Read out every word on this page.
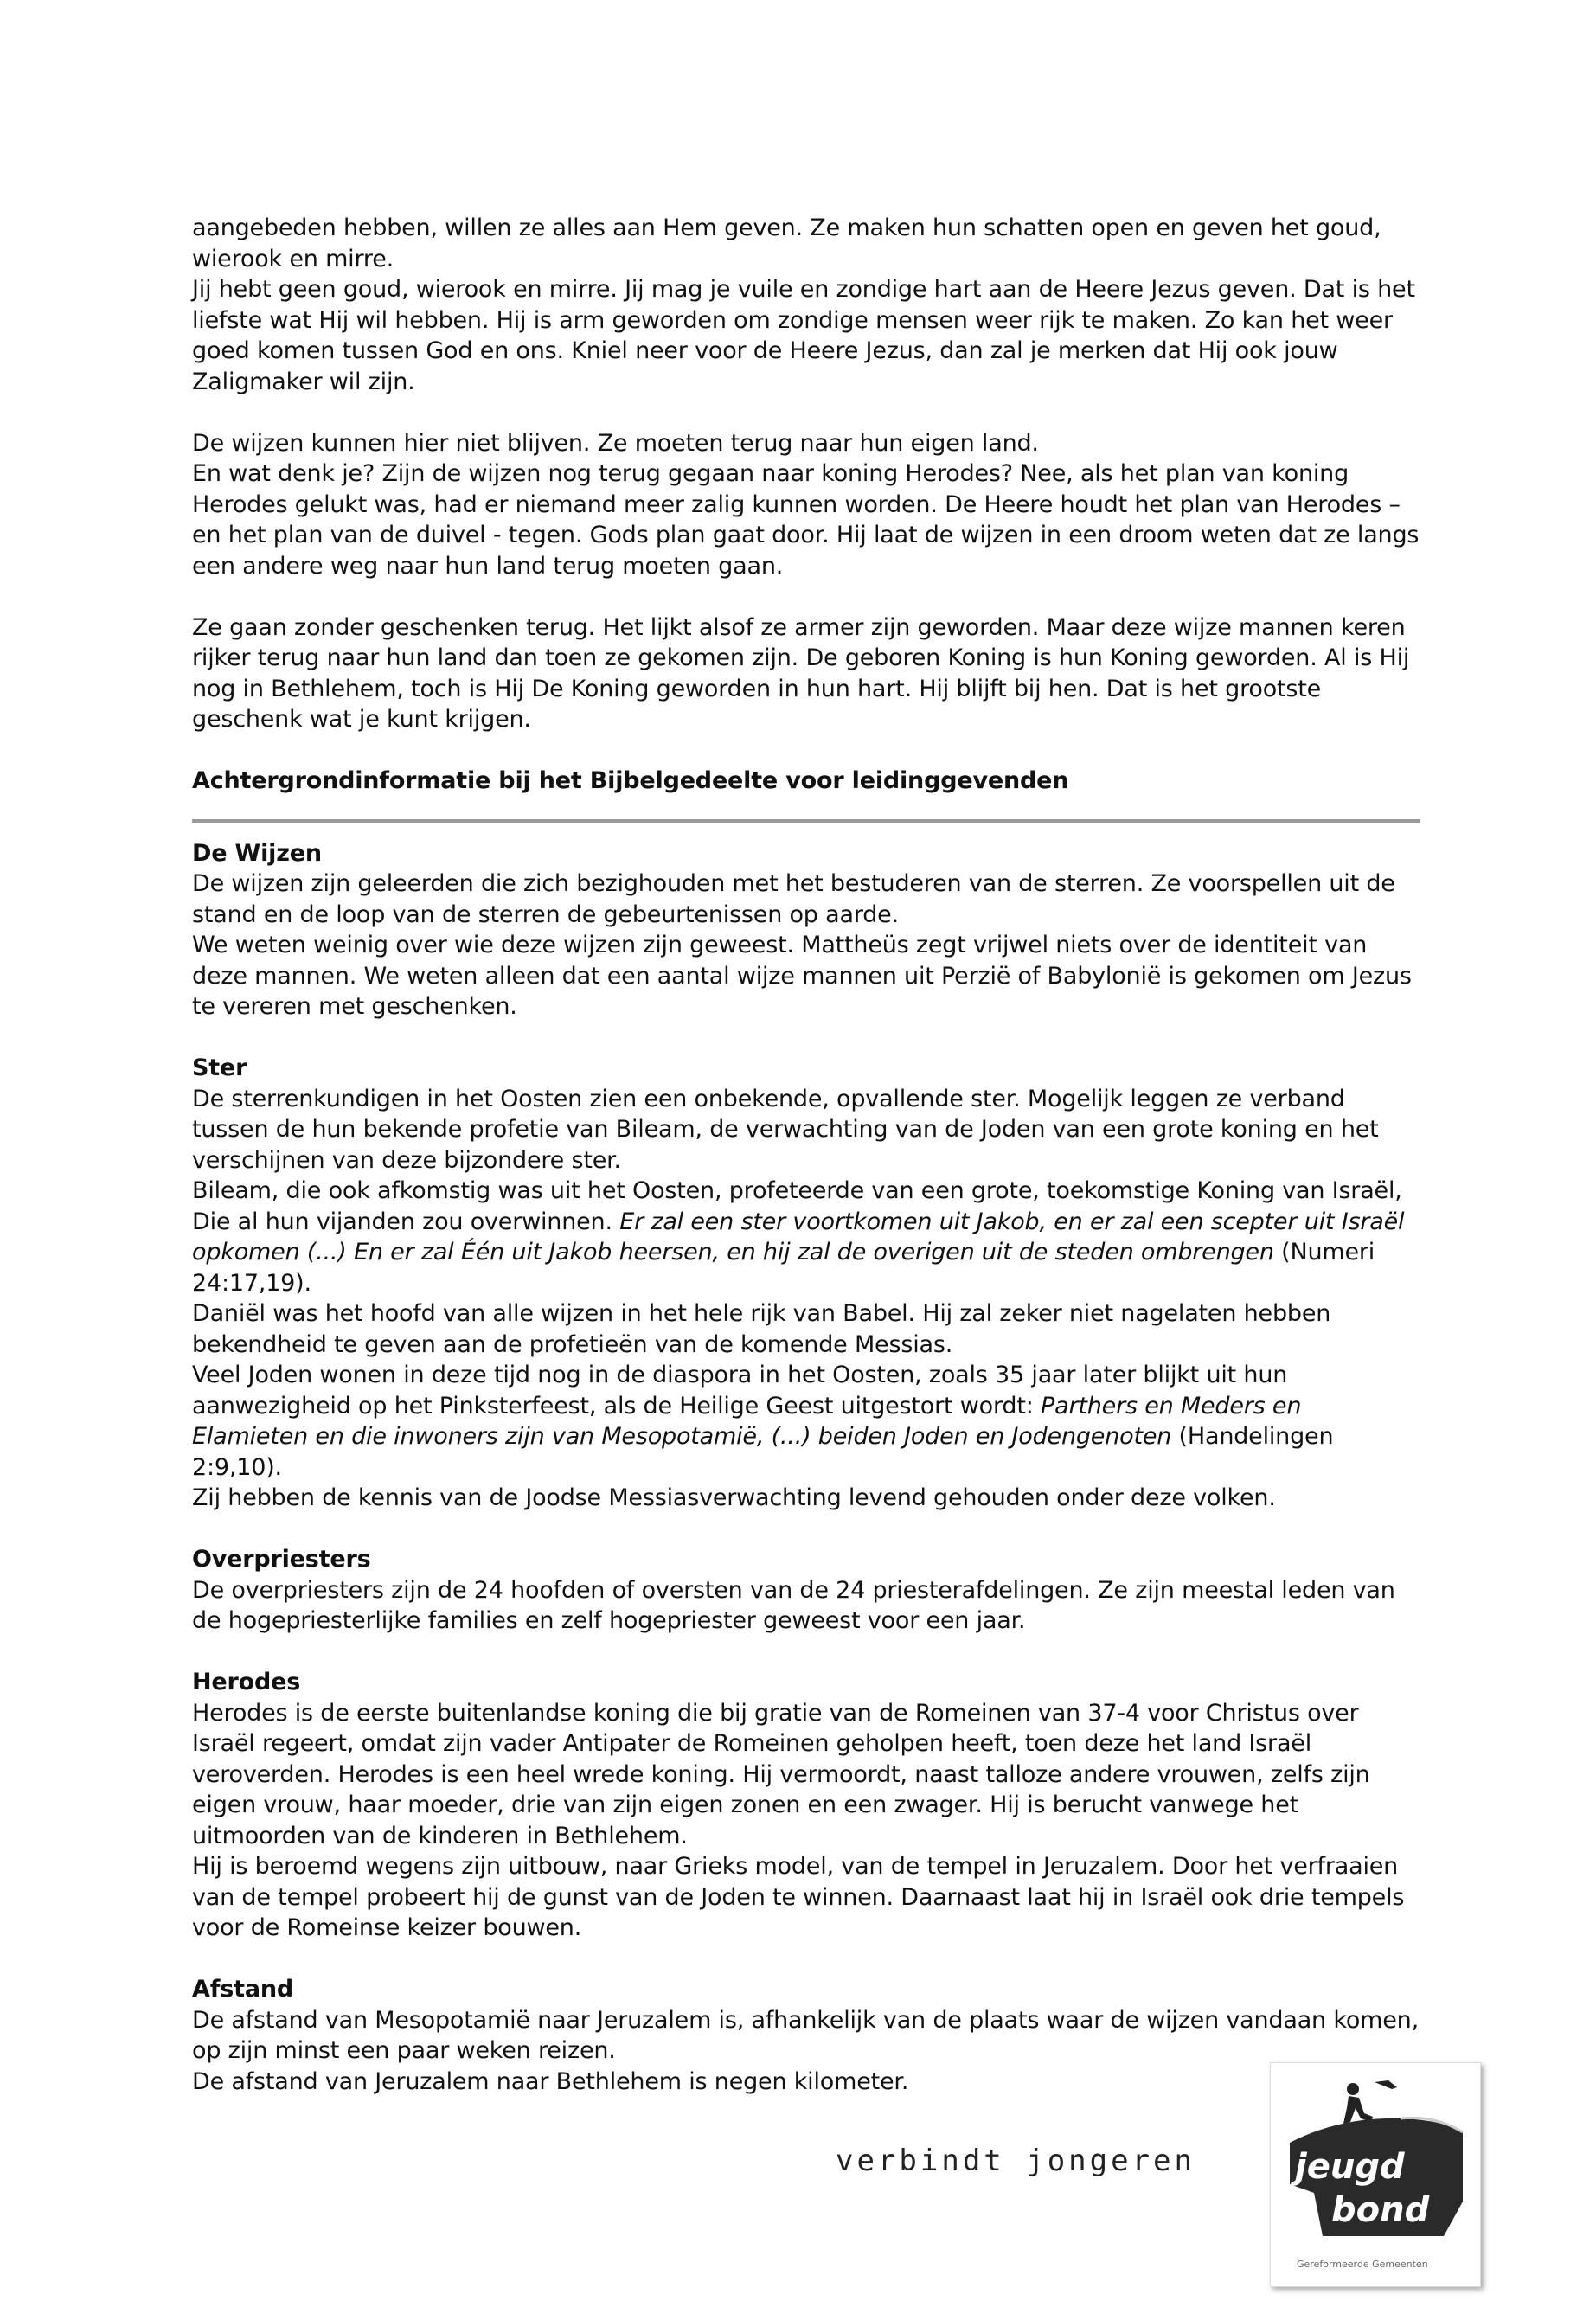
aangebeden hebben, willen ze alles aan Hem geven. Ze maken hun schatten open en geven het goud, wierook en mirre.

Jij hebt geen goud, wierook en mirre. Jij mag je vuile en zondige hart aan de Heere Jezus geven. Dat is het liefste wat Hij wil hebben. Hij is arm geworden om zondige mensen weer rijk te maken. Zo kan het weer goed komen tussen God en ons. Kniel neer voor de Heere Jezus, dan zal je merken dat Hij ook jouw Zaligmaker wil zijn.

De wijzen kunnen hier niet blijven. Ze moeten terug naar hun eigen land.

En wat denk je? Zijn de wijzen nog terug gegaan naar koning Herodes? Nee, als het plan van koning Herodes gelukt was, had er niemand meer zalig kunnen worden. De Heere houdt het plan van Herodes – en het plan van de duivel - tegen. Gods plan gaat door. Hij laat de wijzen in een droom weten dat ze langs een andere weg naar hun land terug moeten gaan.

Ze gaan zonder geschenken terug. Het lijkt alsof ze armer zijn geworden. Maar deze wijze mannen keren rijker terug naar hun land dan toen ze gekomen zijn. De geboren Koning is hun Koning geworden. Al is Hij nog in Bethlehem, toch is Hij De Koning geworden in hun hart. Hij blijft bij hen. Dat is het grootste geschenk wat je kunt krijgen.

Achtergrondinformatie bij het Bijbelgedeelte voor leidinggevenden

De Wijzen

De wijzen zijn geleerden die zich bezighouden met het bestuderen van de sterren. Ze voorspellen uit de stand en de loop van de sterren de gebeurtenissen op aarde.

We weten weinig over wie deze wijzen zijn geweest. Mattheüs zegt vrijwel niets over de identiteit van deze mannen. We weten alleen dat een aantal wijze mannen uit Perzië of Babylonië is gekomen om Jezus te vereren met geschenken.

Ster

De sterrenkundigen in het Oosten zien een onbekende, opvallende ster. Mogelijk leggen ze verband tussen de hun bekende profetie van Bileam, de verwachting van de Joden van een grote koning en het verschijnen van deze bijzondere ster.

Bileam, die ook afkomstig was uit het Oosten, profeteerde van een grote, toekomstige Koning van Israël, Die al hun vijanden zou overwinnen. Er zal een ster voortkomen uit Jakob, en er zal een scepter uit Israël opkomen (...) En er zal Één uit Jakob heersen, en hij zal de overigen uit de steden ombrengen (Numeri 24:17,19).

Daniël was het hoofd van alle wijzen in het hele rijk van Babel. Hij zal zeker niet nagelaten hebben bekendheid te geven aan de profetieën van de komende Messias.

Veel Joden wonen in deze tijd nog in de diaspora in het Oosten, zoals 35 jaar later blijkt uit hun aanwezigheid op het Pinksterfeest, als de Heilige Geest uitgestort wordt: Parthers en Meders en Elamieten en die inwoners zijn van Mesopotamië, (...) beiden Joden en Jodengenoten (Handelingen 2:9,10).

Zij hebben de kennis van de Joodse Messiasverwachting levend gehouden onder deze volken.

Overpriesters

De overpriesters zijn de 24 hoofden of oversten van de 24 priesterafdelingen. Ze zijn meestal leden van de hogepriesterlijke families en zelf hogepriester geweest voor een jaar.

Herodes

Herodes is de eerste buitenlandse koning die bij gratie van de Romeinen van 37-4 voor Christus over Israël regeert, omdat zijn vader Antipater de Romeinen geholpen heeft, toen deze het land Israël veroverden. Herodes is een heel wrede koning. Hij vermoordt, naast talloze andere vrouwen, zelfs zijn eigen vrouw, haar moeder, drie van zijn eigen zonen en een zwager. Hij is berucht vanwege het uitmoorden van de kinderen in Bethlehem.

Hij is beroemd wegens zijn uitbouw, naar Grieks model, van de tempel in Jeruzalem. Door het verfraaien van de tempel probeert hij de gunst van de Joden te winnen. Daarnaast laat hij in Israël ook drie tempels voor de Romeinse keizer bouwen.

Afstand

De afstand van Mesopotamië naar Jeruzalem is, afhankelijk van de plaats waar de wijzen vandaan komen, op zijn minst een paar weken reizen.

De afstand van Jeruzalem naar Bethlehem is negen kilometer.

verbindt jongeren	jeugd
bond
Gereformeerde Gemeenten
